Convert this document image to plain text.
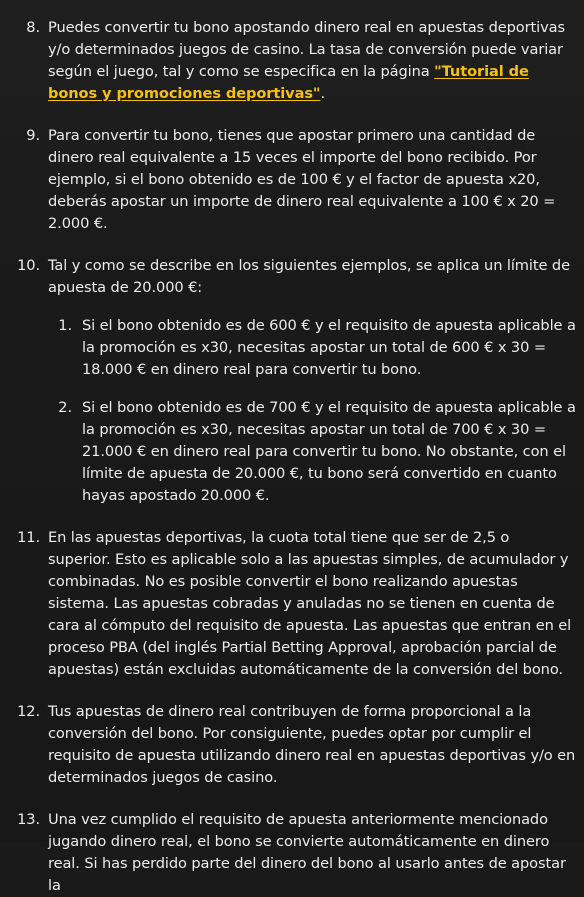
8. Puedes convertir tu bono apostando dinero real en apuestas deportivas y/o determinados juegos de casino. La tasa de conversión puede variar según el juego, tal y como se especifica en la página "Tutorial de bonos y promociones deportivas".
9. Para convertir tu bono, tienes que apostar primero una cantidad de dinero real equivalente a 15 veces el importe del bono recibido. Por ejemplo, si el bono obtenido es de 100 € y el factor de apuesta x20, deberás apostar un importe de dinero real equivalente a 100 € x 20 = 2.000 €.
10. Tal y como se describe en los siguientes ejemplos, se aplica un límite de apuesta de 20.000 €:
1. Si el bono obtenido es de 600 € y el requisito de apuesta aplicable a la promoción es x30, necesitas apostar un total de 600 € x 30 = 18.000 € en dinero real para convertir tu bono.
2. Si el bono obtenido es de 700 € y el requisito de apuesta aplicable a la promoción es x30, necesitas apostar un total de 700 € x 30 = 21.000 € en dinero real para convertir tu bono. No obstante, con el límite de apuesta de 20.000 €, tu bono será convertido en cuanto hayas apostado 20.000 €.
11. En las apuestas deportivas, la cuota total tiene que ser de 2,5 o superior. Esto es aplicable solo a las apuestas simples, de acumulador y combinadas. No es posible convertir el bono realizando apuestas sistema. Las apuestas cobradas y anuladas no se tienen en cuenta de cara al cómputo del requisito de apuesta. Las apuestas que entran en el proceso PBA (del inglés Partial Betting Approval, aprobación parcial de apuestas) están excluidas automáticamente de la conversión del bono.
12. Tus apuestas de dinero real contribuyen de forma proporcional a la conversión del bono. Por consiguiente, puedes optar por cumplir el requisito de apuesta utilizando dinero real en apuestas deportivas y/o en determinados juegos de casino.
13. Una vez cumplido el requisito de apuesta anteriormente mencionado jugando dinero real, el bono se convierte automáticamente en dinero real. Si has perdido parte del dinero del bono al usarlo antes de apostar la
